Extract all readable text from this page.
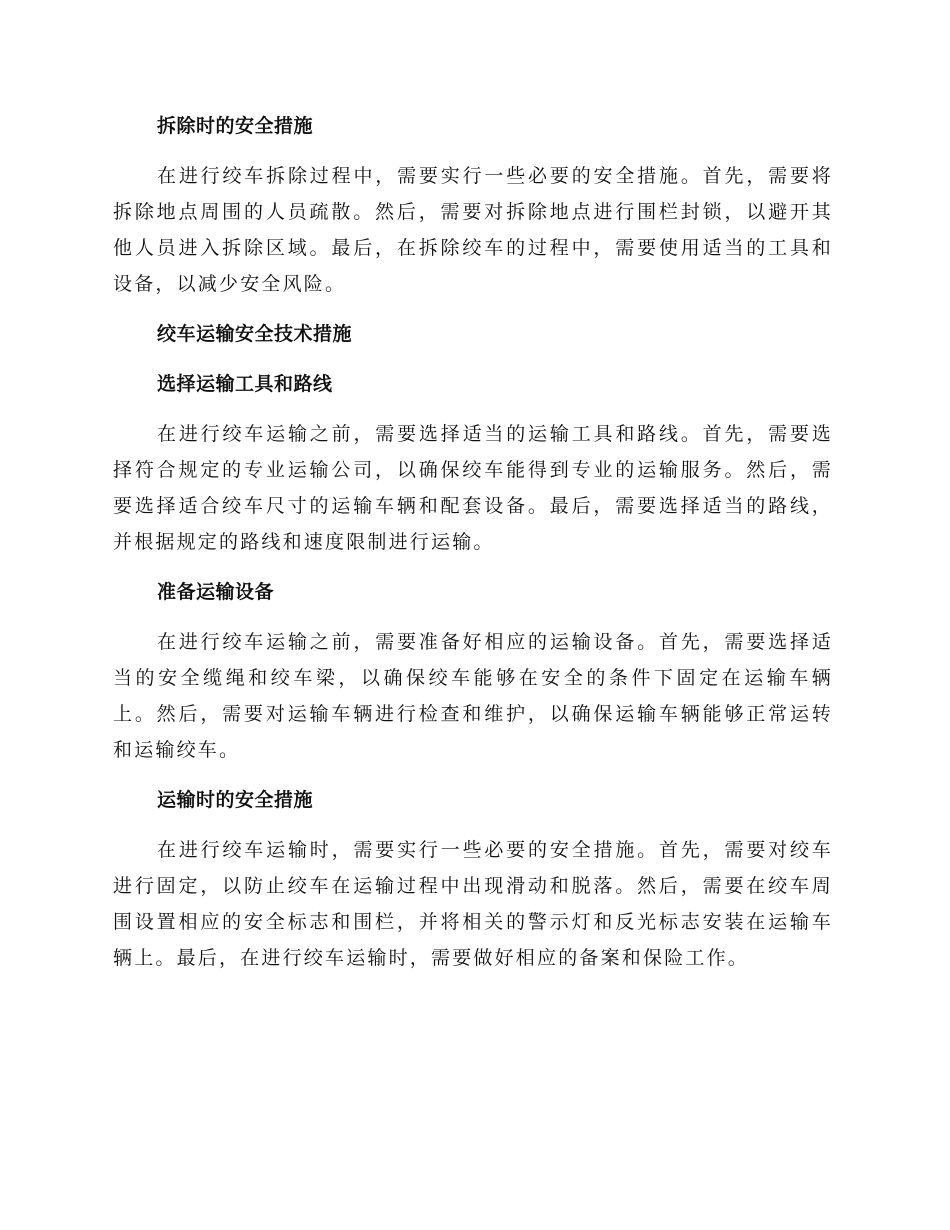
拆除时的安全措施
在进行绞车拆除过程中，需要实行一些必要的安全措施。首先，需要将拆除地点周围的人员疏散。然后，需要对拆除地点进行围栏封锁，以避开其他人员进入拆除区域。最后，在拆除绞车的过程中，需要使用适当的工具和设备，以减少安全风险。
绞车运输安全技术措施
选择运输工具和路线
在进行绞车运输之前，需要选择适当的运输工具和路线。首先，需要选择符合规定的专业运输公司，以确保绞车能得到专业的运输服务。然后，需要选择适合绞车尺寸的运输车辆和配套设备。最后，需要选择适当的路线，并根据规定的路线和速度限制进行运输。
准备运输设备
在进行绞车运输之前，需要准备好相应的运输设备。首先，需要选择适当的安全缆绳和绞车梁，以确保绞车能够在安全的条件下固定在运输车辆上。然后，需要对运输车辆进行检查和维护，以确保运输车辆能够正常运转和运输绞车。
运输时的安全措施
在进行绞车运输时，需要实行一些必要的安全措施。首先，需要对绞车进行固定，以防止绞车在运输过程中出现滑动和脱落。然后，需要在绞车周围设置相应的安全标志和围栏，并将相关的警示灯和反光标志安装在运输车辆上。最后，在进行绞车运输时，需要做好相应的备案和保险工作。
